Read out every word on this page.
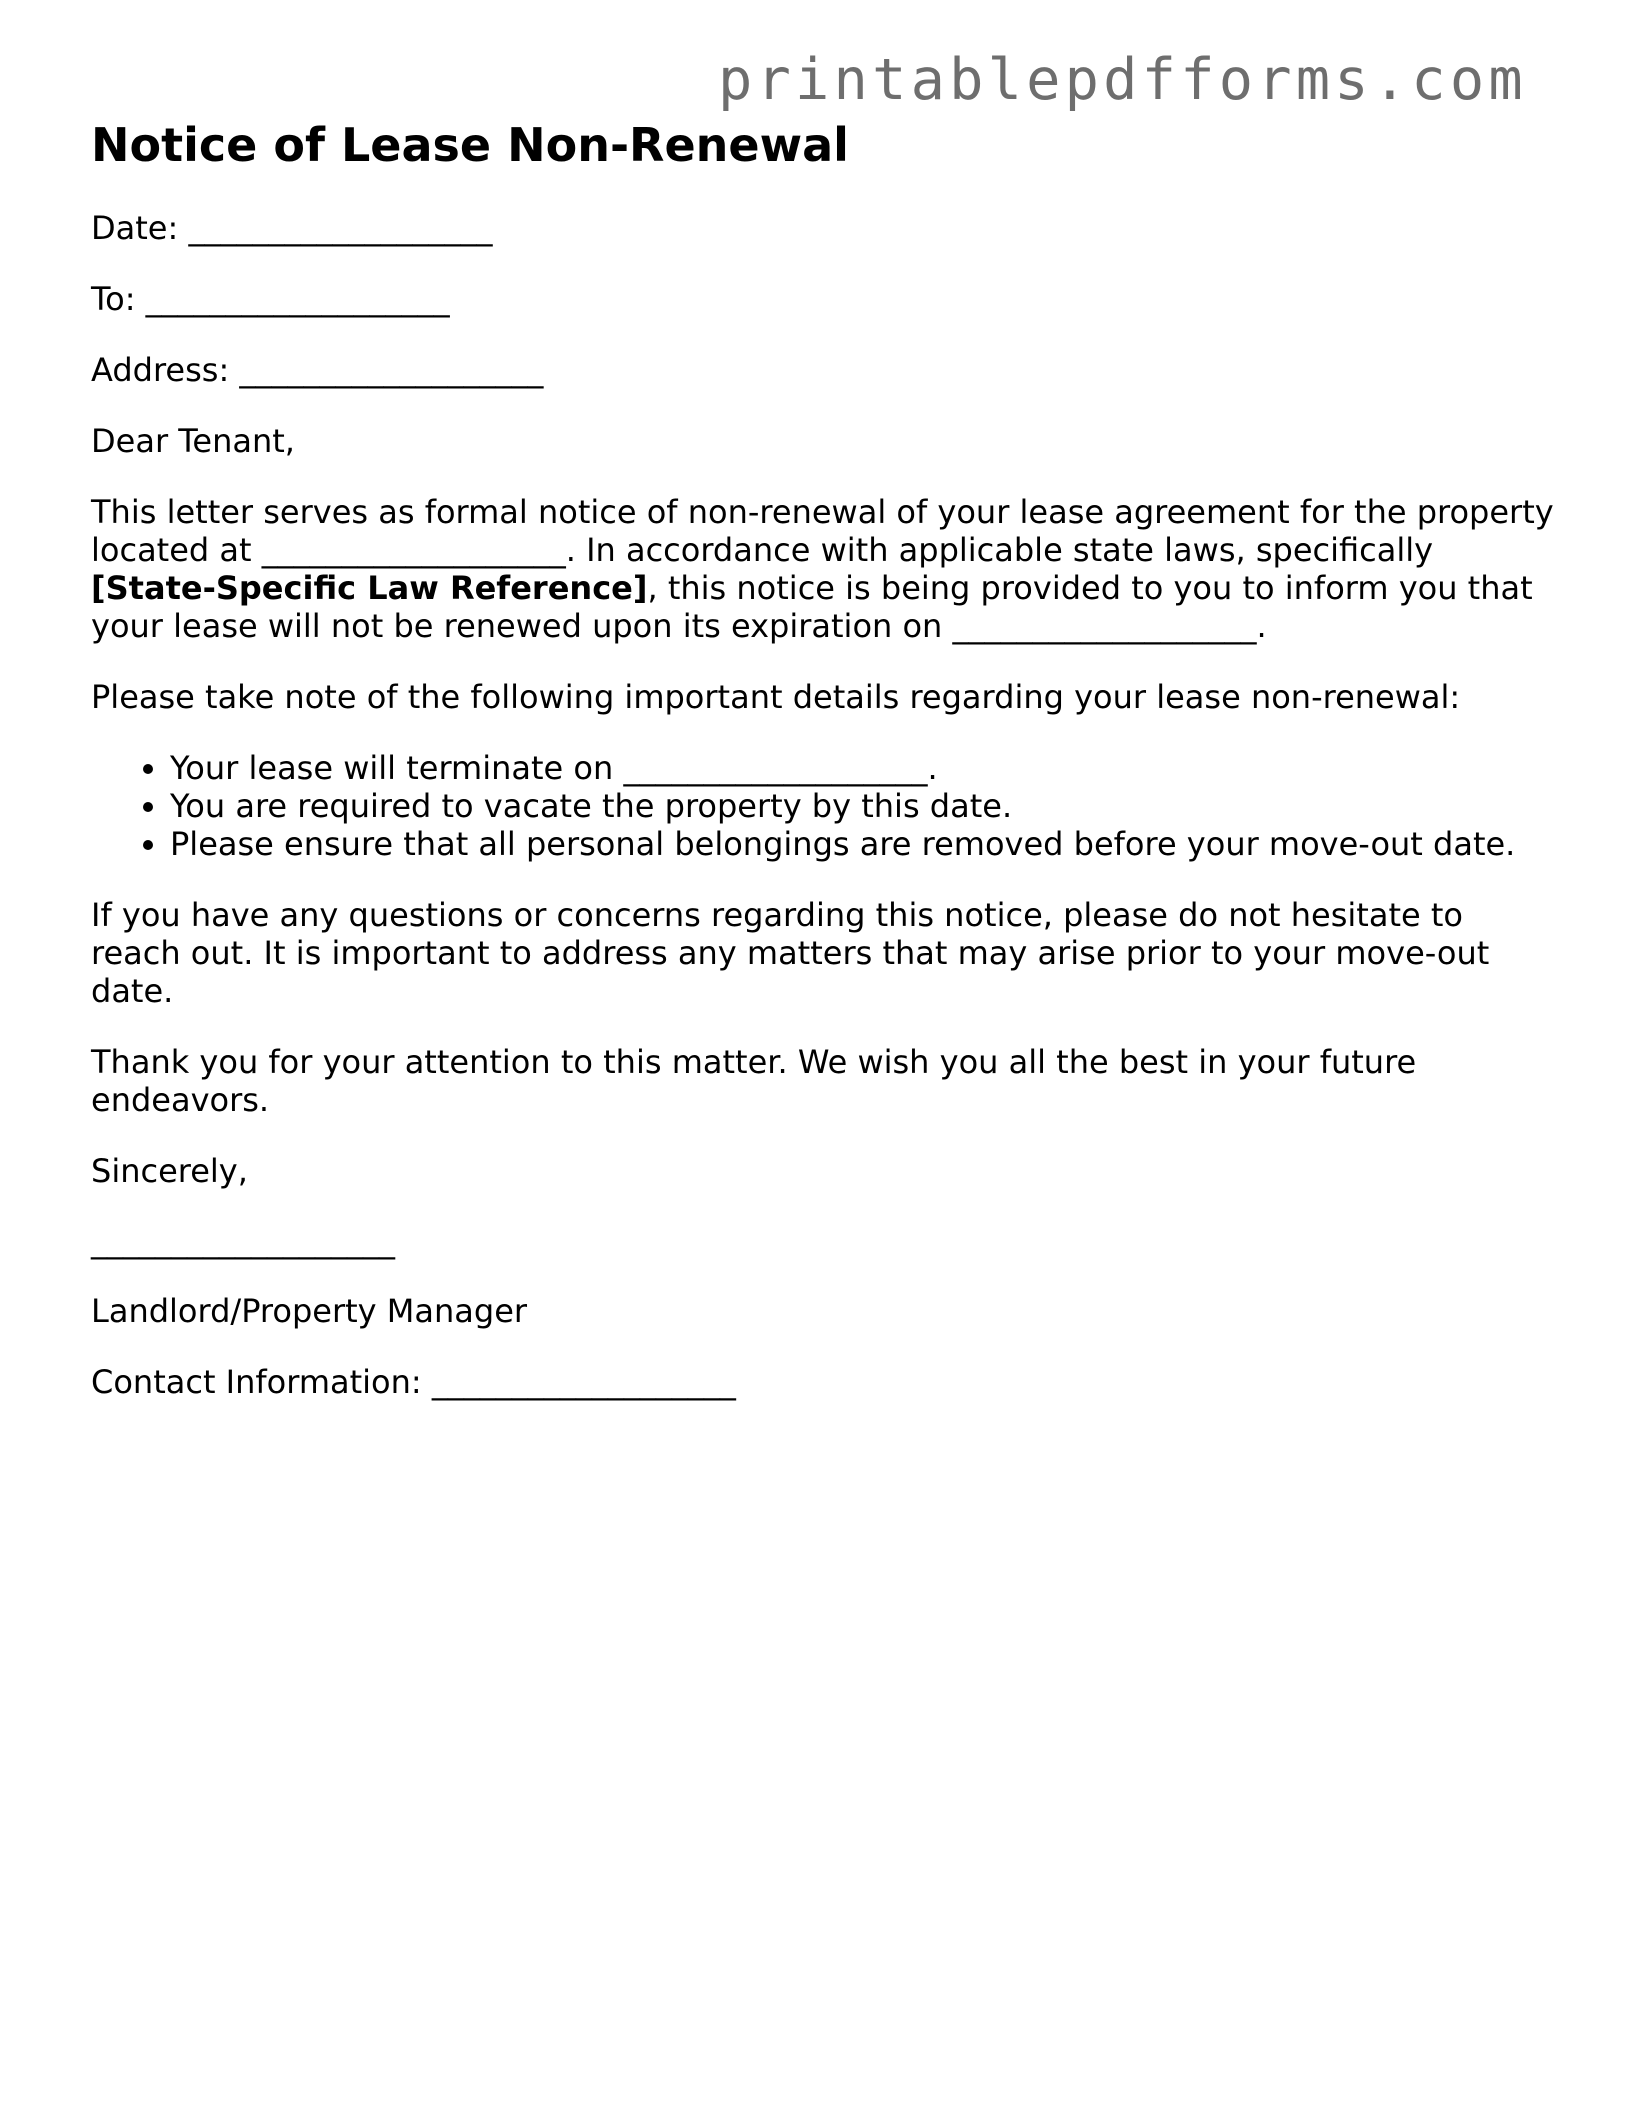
printablepdfforms.com
Notice of Lease Non-Renewal

Date: ___________________

To: ___________________

Address: ___________________

Dear Tenant,

This letter serves as formal notice of non-renewal of your lease agreement for the property located at ___________________. In accordance with applicable state laws, specifically [State-Specific Law Reference], this notice is being provided to you to inform you that your lease will not be renewed upon its expiration on ___________________.

Please take note of the following important details regarding your lease non-renewal:

• Your lease will terminate on ___________________.
• You are required to vacate the property by this date.
• Please ensure that all personal belongings are removed before your move-out date.

If you have any questions or concerns regarding this notice, please do not hesitate to reach out. It is important to address any matters that may arise prior to your move-out date.

Thank you for your attention to this matter. We wish you all the best in your future endeavors.

Sincerely,

___________________

Landlord/Property Manager

Contact Information: ___________________
